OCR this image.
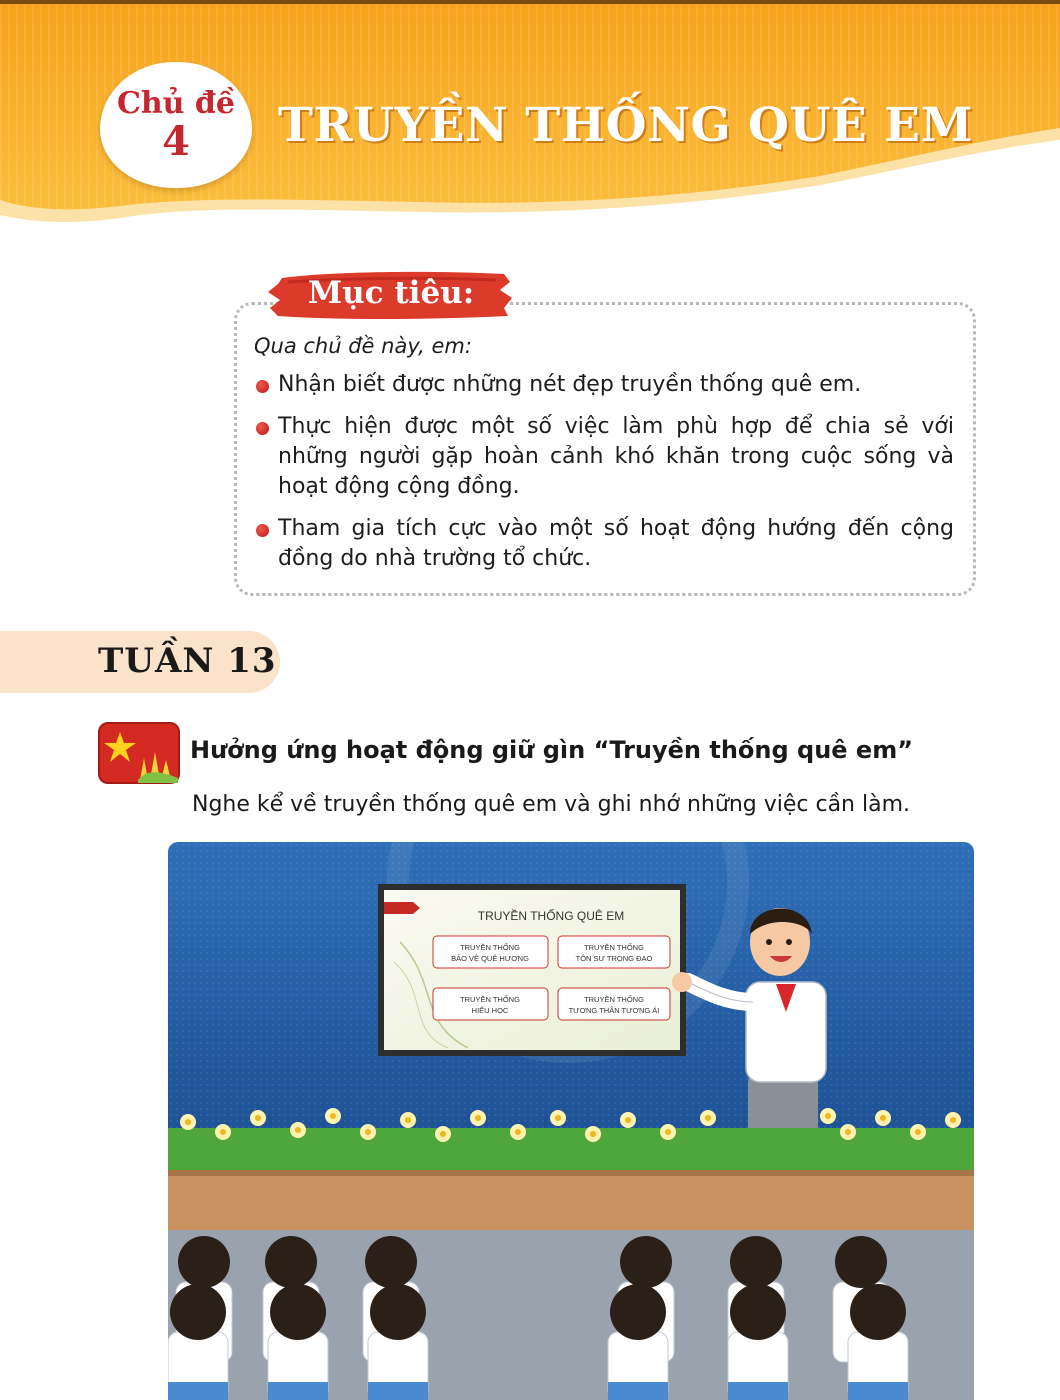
Chủ đề
4	TRUYỀN THỐNG QUÊ EM
Mục tiêu:
Qua chủ đề này, em:
Nhận biết được những nét đẹp truyền thống quê em.
Thực hiện được một số việc làm phù hợp để chia sẻ với những người gặp hoàn cảnh khó khăn trong cuộc sống và hoạt động cộng đồng.
Tham gia tích cực vào một số hoạt động hướng đến cộng đồng do nhà trường tổ chức.
TUẦN 13
Hưởng ứng hoạt động giữ gìn “Truyền thống quê em”
Nghe kể về truyền thống quê em và ghi nhớ những việc cần làm.
TRUYỀN THỐNG QUÊ EM
TRUYỀN THỐNG
BẢO VỆ QUÊ HƯƠNG
TRUYỀN THỐNG
TÔN SƯ TRỌNG ĐẠO
TRUYỀN THỐNG
HIẾU HỌC
TRUYỀN THỐNG
TƯƠNG THÂN TƯƠNG ÁI
